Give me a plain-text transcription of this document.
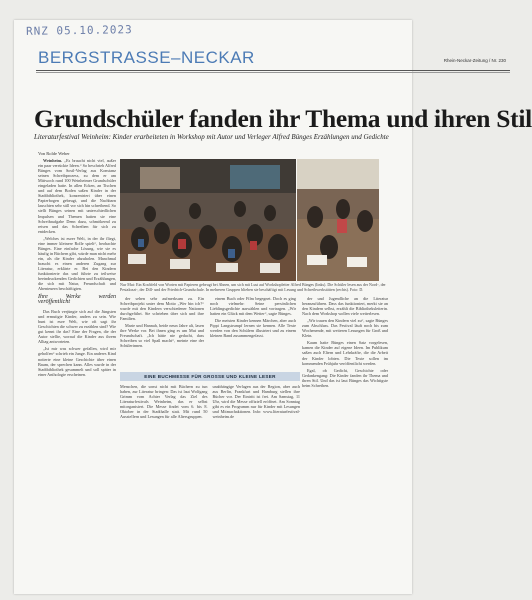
RNZ 05.10.2023
BERGSTRASSE–NECKAR	Rhein-Neckar-Zeitung / Nr. 230
Grundschüler fanden ihr Thema und ihren Stil
Literaturfestival Weinheim: Kinder erarbeiteten in Workshop mit Autor und Verleger Alfred Bünges Erzählungen und Gedichte
Von Rolde Weber

Weinheim. „Es braucht nicht viel, außer ein paar verrückte Ideen.“ So beschrieb Alfred Bünges vom Sostl-Verlag aus Konstanz seinen Schreibprozess, zu dem er am Mittwoch rund 100 Weinheimer Grundschüler eingeladen hatte. In allen Ecken, an Tischen und auf dem Boden saßen Kinder in der Stadtbibliothek, konzentriert über einen Papierbogen gebeugt, und die Nachbarn lauschten sehr still vor sich hin schreibend. So stellt Bünges seinen mit unterschiedlichen Impulsen und Themen hatten sie eine Schreibaufgabe Denn dazu, schmökernd zu reisen und das Schreiben für sich zu entdecken.

„Welches ist eurer Welt, in der ihr fliegt, eine immer kleinere Rolle spielt“, beobachte Bünges. Eine einfache Lösung, wie sie es häufig in Büchern gibt, würde man nicht mehr ein, als die Kinder abzuholen. Manchmal braucht es einen anderen Zugang zur Literatur, erklärte er. Bei den Kindern funktionierte das und führte zu teilweise beeindruckenden Gedichten und Erzählungen, die sich mit Natur, Freundschaft und Abenteuern beschäftigten.

Ihre Werke werden veröffentlicht

Das Buch verjüngte sich auf die Jüngsten und ermutigte Kinder, anders zu sein. Wie bunt ist eure Welt, wie oft sagt ihr Geschichten die schwer zu erzählen sind? Wie gut kennt ihr das? Eine der Fragen, die der Autor stellte, worauf die Kinder aus ihrem Alltag antworteten.

„Ist mir was schwer gefallen, wird mir geholfen“ schrieb ein Junge. Ein anderes Kind notierte eine kleine Geschichte über einen Baum, der sprechen kann. Alles wurde in der Stadtbibliothek gesammelt und soll später in einer Anthologie erscheinen.

Nur Mut: Ein Kraftfeld von Worten mit Papieren gebeugt bei Ahnen, um sich mit Lust auf Workshopleiter Alfred Bünges (links). Die Schüler lesen aus der Nord-, der Pestalozzi-, der Dill- und der Friedrich-Grundschule. In mehreren Gruppen blieben sie beschäftigt mit Lesung und Schreibwerkstätten (rechts). Foto: D.

der sehen sehr aufmerksam zu. Ein Schreibprojekt unter dem Motto „Wer bin ich?“ wurde mit den Kindern verschiedener Nationen durchgeführt. Sie schrieben über sich und ihre Familien.

Marie und Hannah, beide neun Jahre alt, lasen ihre Werke vor. Bei ihnen ging es um Mut und Freundschaft. „Ich hätte nie gedacht, dass Schreiben so viel Spaß macht“, meinte eine der Schülerinnen.

einem Buch oder Film begegnet. Doch es ging noch vielmehr: Seine persönlichen Lieblingsgedichte auswählen und vortragen. „Wir hatten ein Glück mit dem Wetter“, sagte Bünges.

Die meisten Kinder kennen Märchen, aber auch Pippi Langstrumpf lernen sie kennen. Alle Texte werden von den Schülern illustriert und zu einem kleinen Band zusammengefasst.

der und Jugendliche an die Literatur heranzuführen. Dass das funktioniert, merkt sie an den Kindern selbst, erzählt die Bibliotheksleiterin. Nach dem Workshop wollen viele weiterlesen.

„Wir trauen den Kindern viel zu“, sagte Bünges zum Abschluss. Das Festival läuft noch bis zum Wochenende, mit weiteren Lesungen für Groß und Klein.

Kaum hatte Bünges einen Satz vorgelesen, kamen die Kinder auf eigene Ideen. Im Publikum saßen auch Eltern und Lehrkräfte, die die Arbeit der Kinder lobten. Die Texte sollen im kommenden Frühjahr veröffentlicht werden.

Egal, ob Gedicht, Geschichte oder Gedankengang: Die Kinder fanden ihr Thema und ihren Stil. Und das ist laut Bünges das Wichtigste beim Schreiben.

EINE BUCHMESSE FÜR GROSSE UND KLEINE LESER
Menschen, die sonst nicht mit Büchern zu tun haben, zur Literatur bringen: Das ist laut Wolfgang Grimm vom Achter Verlag das Ziel des Literaturfestivals Weinheim, das er selbst mitorganisiert. Die Messe findet vom 6. bis 8. Oktober in der Stadthalle statt. Mit rund 50 Ausstellern und Lesungen für alle Altersgruppen.
unabhängige Verlagen aus der Region, aber auch aus Berlin, Frankfurt und Hamburg stellen ihre Bücher vor. Der Eintritt ist frei. Am Samstag, 11 Uhr, wird die Messe offiziell eröffnet. Am Sonntag gibt es ein Programm nur für Kinder mit Lesungen und Mitmachaktionen. Info: www.literaturfestival-weinheim.de
